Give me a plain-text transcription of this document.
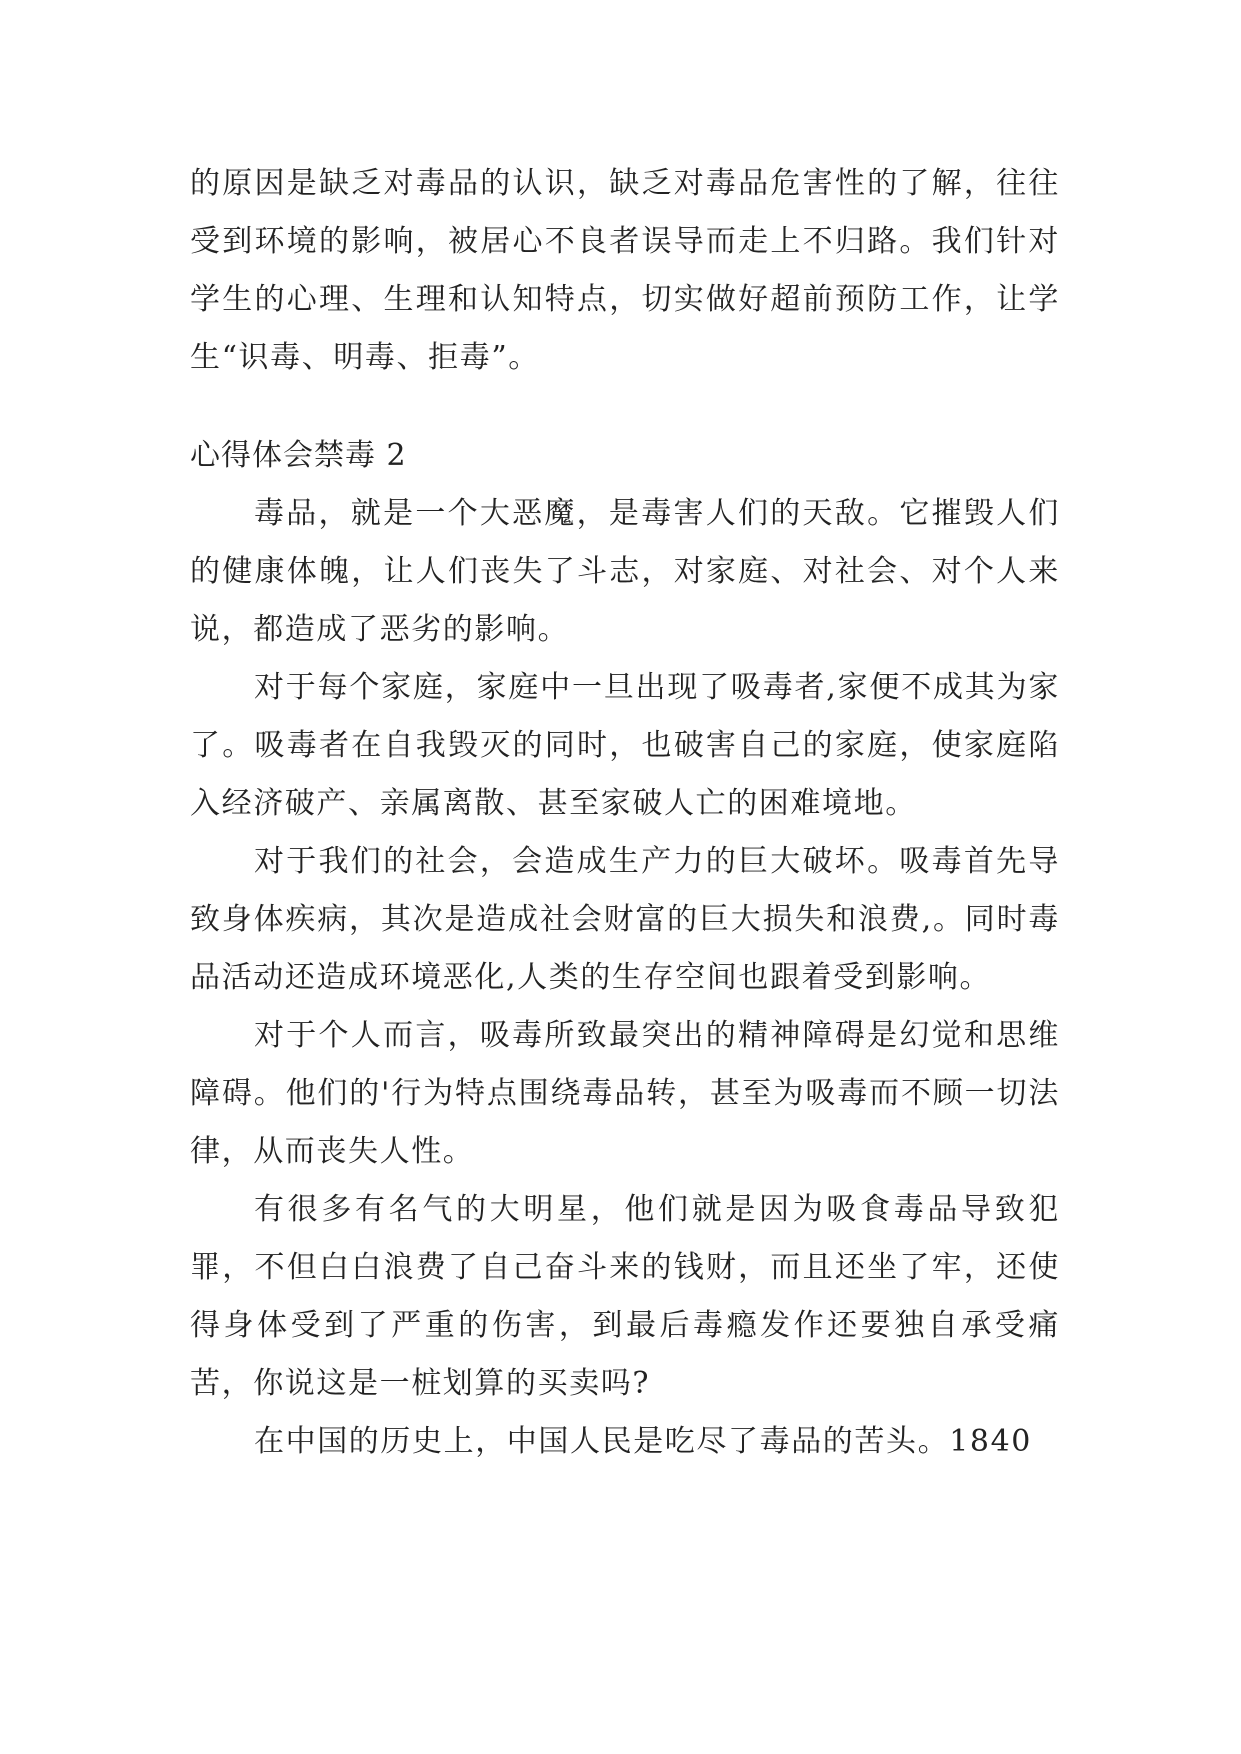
的原因是缺乏对毒品的认识，缺乏对毒品危害性的了解，往往受到环境的影响，被居心不良者误导而走上不归路。我们针对学生的心理、生理和认知特点，切实做好超前预防工作，让学生“识毒、明毒、拒毒”。

心得体会禁毒 2

毒品，就是一个大恶魔，是毒害人们的天敌。它摧毁人们的健康体魄，让人们丧失了斗志，对家庭、对社会、对个人来说，都造成了恶劣的影响。

对于每个家庭，家庭中一旦出现了吸毒者,家便不成其为家了。吸毒者在自我毁灭的同时，也破害自己的家庭，使家庭陷入经济破产、亲属离散、甚至家破人亡的困难境地。

对于我们的社会，会造成生产力的巨大破坏。吸毒首先导致身体疾病，其次是造成社会财富的巨大损失和浪费,。同时毒品活动还造成环境恶化,人类的生存空间也跟着受到影响。

对于个人而言，吸毒所致最突出的精神障碍是幻觉和思维障碍。他们的'行为特点围绕毒品转，甚至为吸毒而不顾一切法律，从而丧失人性。

有很多有名气的大明星，他们就是因为吸食毒品导致犯罪，不但白白浪费了自己奋斗来的钱财，而且还坐了牢，还使得身体受到了严重的伤害，到最后毒瘾发作还要独自承受痛苦，你说这是一桩划算的买卖吗?

在中国的历史上，中国人民是吃尽了毒品的苦头。1840
